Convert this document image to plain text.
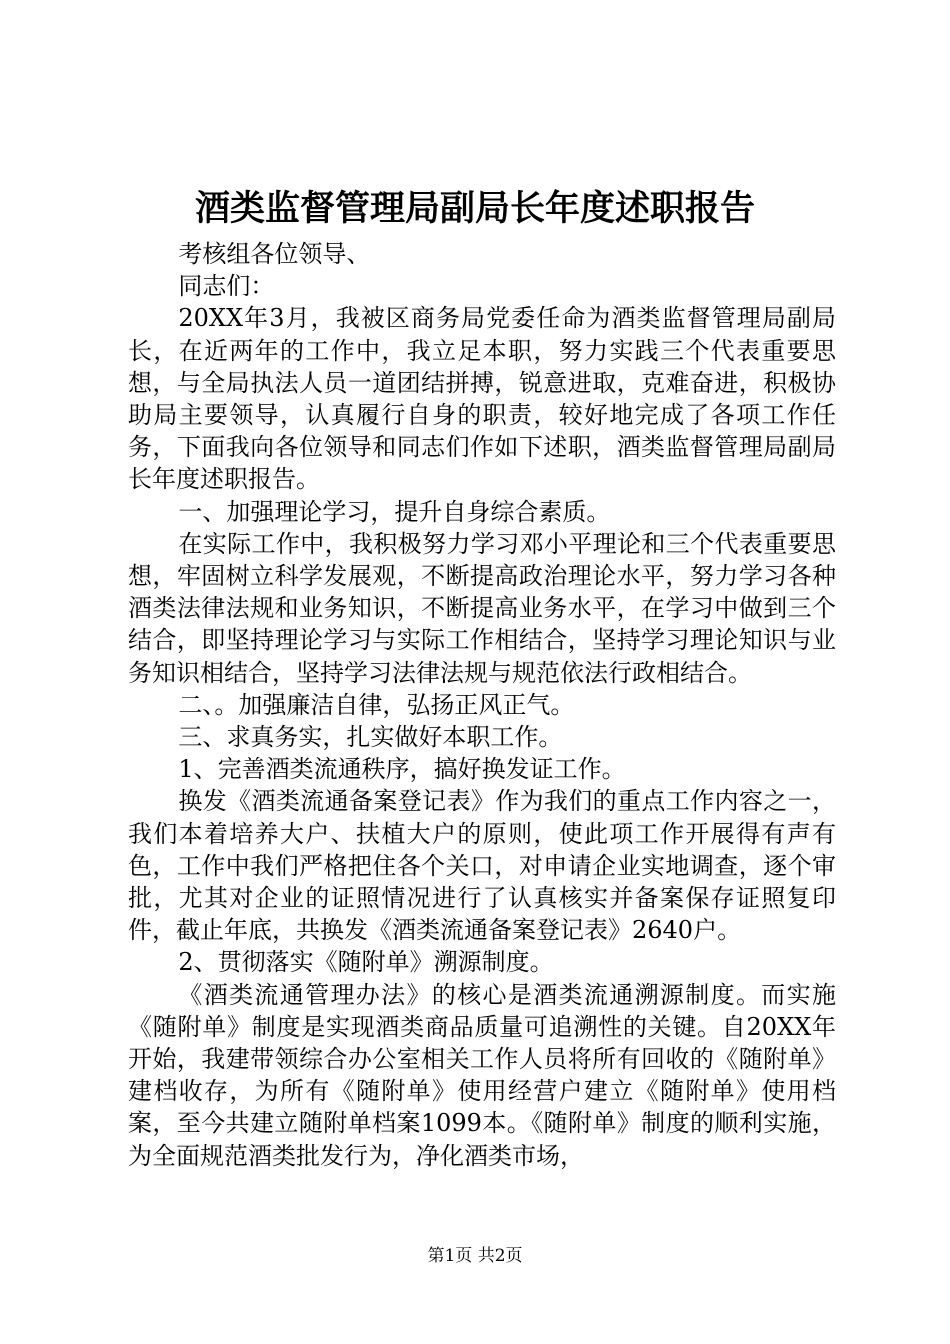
酒类监督管理局副局长年度述职报告

考核组各位领导、

同志们：

20XX年3月，我被区商务局党委任命为酒类监督管理局副局长，在近两年的工作中，我立足本职，努力实践三个代表重要思想，与全局执法人员一道团结拼搏，锐意进取，克难奋进，积极协助局主要领导，认真履行自身的职责，较好地完成了各项工作任务，下面我向各位领导和同志们作如下述职，酒类监督管理局副局长年度述职报告。

一、加强理论学习，提升自身综合素质。

在实际工作中，我积极努力学习邓小平理论和三个代表重要思想，牢固树立科学发展观，不断提高政治理论水平，努力学习各种酒类法律法规和业务知识，不断提高业务水平，在学习中做到三个结合，即坚持理论学习与实际工作相结合，坚持学习理论知识与业务知识相结合，坚持学习法律法规与规范依法行政相结合。

二、。加强廉洁自律，弘扬正风正气。

三、求真务实，扎实做好本职工作。

1、完善酒类流通秩序，搞好换发证工作。

换发《酒类流通备案登记表》作为我们的重点工作内容之一，我们本着培养大户、扶植大户的原则，使此项工作开展得有声有色，工作中我们严格把住各个关口，对申请企业实地调查，逐个审批，尤其对企业的证照情况进行了认真核实并备案保存证照复印件，截止年底，共换发《酒类流通备案登记表》2640户。

2、贯彻落实《随附单》溯源制度。

《酒类流通管理办法》的核心是酒类流通溯源制度。而实施《随附单》制度是实现酒类商品质量可追溯性的关键。自20XX年开始，我建带领综合办公室相关工作人员将所有回收的《随附单》建档收存，为所有《随附单》使用经营户建立《随附单》使用档案，至今共建立随附单档案1099本。《随附单》制度的顺利实施，为全面规范酒类批发行为，净化酒类市场，

第1页 共2页
